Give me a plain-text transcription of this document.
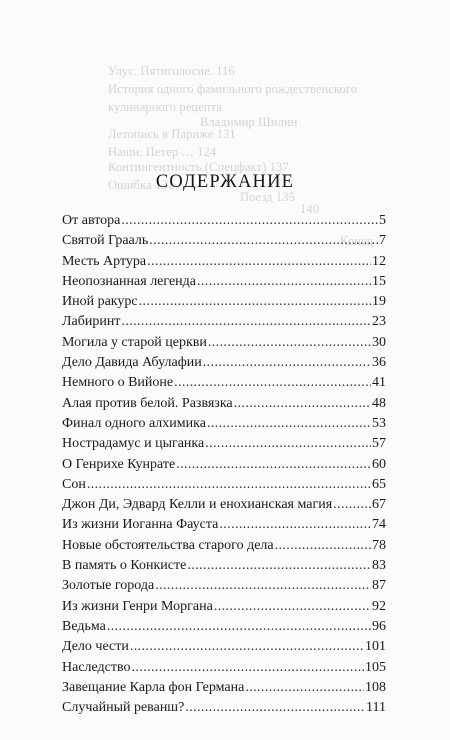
Улус. Пятиголосие. 116
История одного фамильного рождественского
кулинарного рецепта
Владимир Шилин
Летопись в Париже 131
Наши, Петер … 124
Контингентность (Спецфакт) 137
Ошибка 131
Поезд 135
140
Конец
СОДЕРЖАНИЕ
От автора .....	5
Святой Грааль .....	7
Месть Артура .....	12
Неопознанная легенда .....	15
Иной ракурс .....	19
Лабиринт .....	23
Могила у старой церкви .....	30
Дело Давида Абулафии .....	36
Немного о Вийоне .....	41
Алая против белой. Развязка .....	48
Финал одного алхимика .....	53
Нострадамус и цыганка .....	57
О Генрихе Кунрате .....	60
Сон .....	65
Джон Ди, Эдвард Келли и енохианская магия .....	67
Из жизни Иоганна Фауста .....	74
Новые обстоятельства старого дела .....	78
В память о Конкисте .....	83
Золотые города .....	87
Из жизни Генри Моргана .....	92
Ведьма .....	96
Дело чести .....	101
Наследство .....	105
Завещание Карла фон Германа .....	108
Случайный реванш? .....	111
